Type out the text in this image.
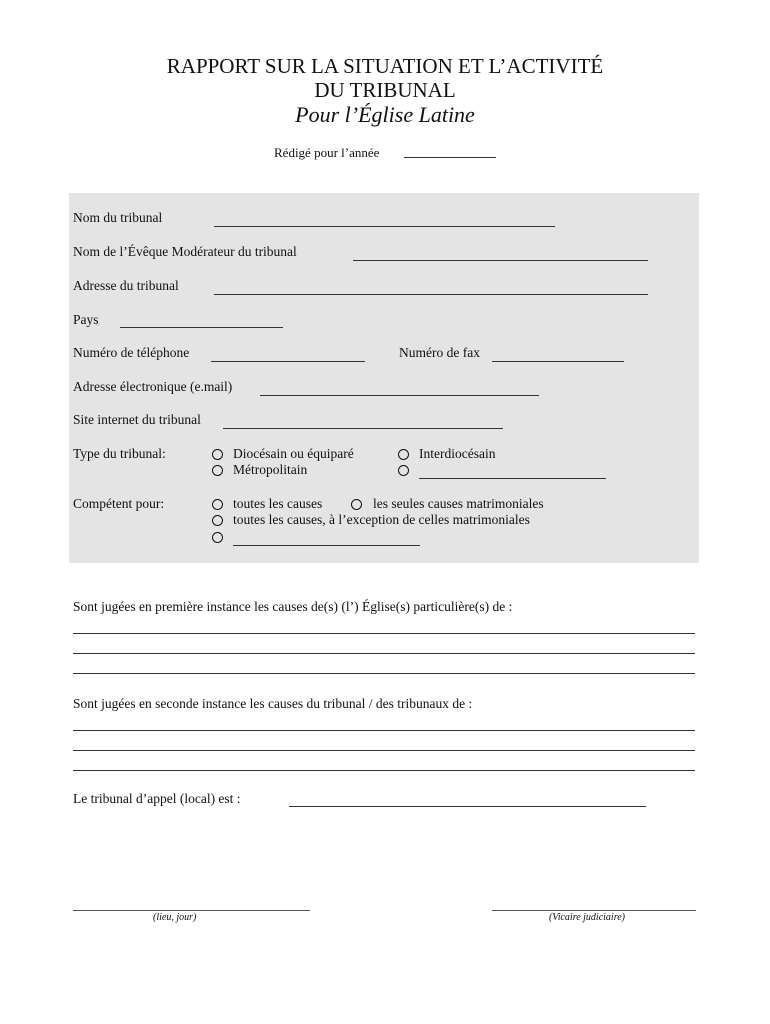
RAPPORT SUR LA SITUATION ET L’ACTIVITÉ
DU TRIBUNAL
Pour l’Église Latine
Rédigé pour l’année
Nom du tribunal
Nom de l’Évêque Modérateur du tribunal
Adresse du tribunal
Pays
Numéro de téléphone	Numéro de fax
Adresse électronique (e.mail)
Site internet du tribunal
Type du tribunal:	Diocésain ou équiparé	Interdiocésain
Métropolitain
Compétent pour:	toutes les causes	les seules causes matrimoniales
toutes les causes, à l’exception de celles matrimoniales
Sont jugées en première instance les causes de(s) (l’) Église(s) particulière(s) de :
Sont jugées en seconde instance les causes du tribunal / des tribunaux de :
Le tribunal d’appel (local) est :
(lieu, jour)	(Vicaire judiciaire)
